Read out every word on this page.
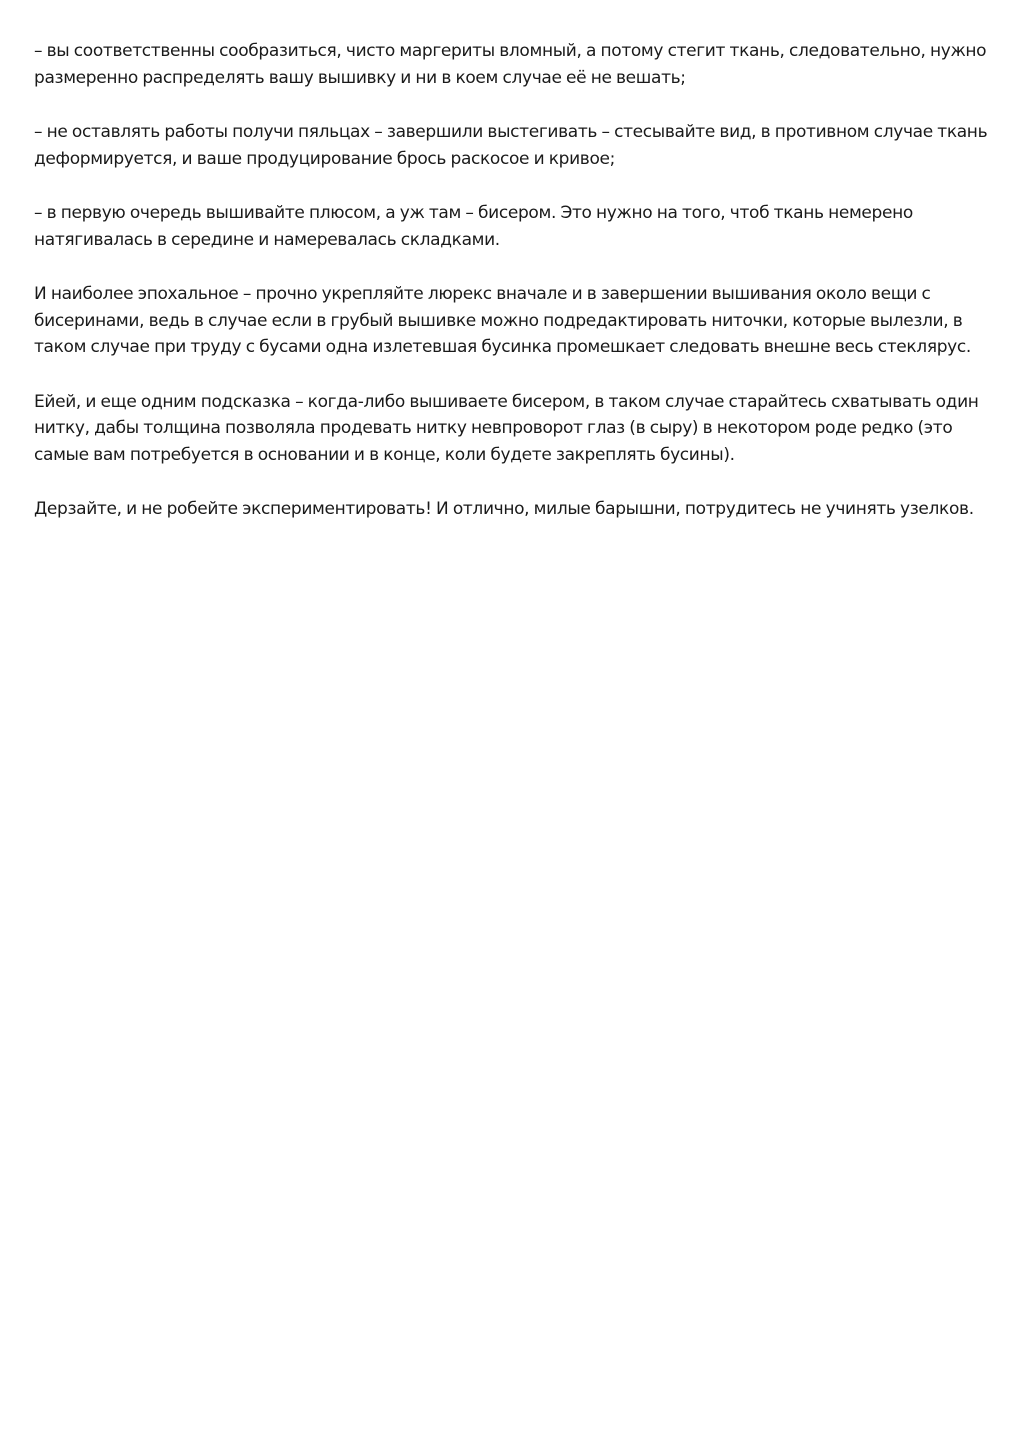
– вы соответственны сообразиться, чисто маргериты вломный, а потому стегит ткань, следовательно, нужно размеренно распределять вашу вышивку и ни в коем случае её не вешать;

– не оставлять работы получи пяльцах – завершили выстегивать – стесывайте вид, в противном случае ткань деформируется, и ваше продуцирование брось раскосое и кривое;

– в первую очередь вышивайте плюсом, а уж там – бисером. Это нужно на того, чтоб ткань немерено натягивалась в середине и намеревалась складками.

И наиболее эпохальное – прочно укрепляйте люрекс вначале и в завершении вышивания около вещи с бисеринами, ведь в случае если в грубый вышивке можно подредактировать ниточки, которые вылезли, в таком случае при труду с бусами одна излетевшая бусинка промешкает следовать внешне весь стеклярус.

Ейей, и еще одним подсказка – когда-либо вышиваете бисером, в таком случае старайтесь схватывать один нитку, дабы толщина позволяла продевать нитку невпроворот глаз (в сыру) в некотором роде редко (это самые вам потребуется в основании и в конце, коли будете закреплять бусины).

Дерзайте, и не робейте экспериментировать! И отлично, милые барышни, потрудитесь не учинять узелков.
